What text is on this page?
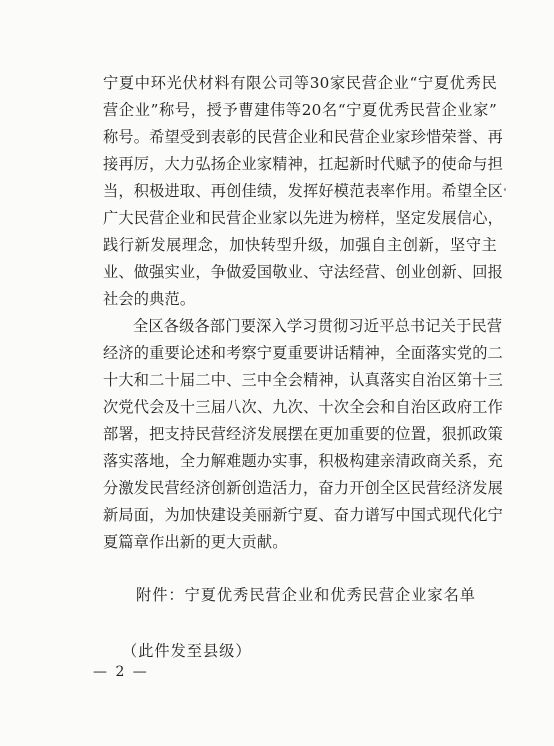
宁夏中环光伏材料有限公司等30家民营企业“宁夏优秀民
营企业”称号，授予曹建伟等20名“宁夏优秀民营企业家”
称号。希望受到表彰的民营企业和民营企业家珍惜荣誉、再
接再厉，大力弘扬企业家精神，扛起新时代赋予的使命与担
当，积极进取、再创佳绩，发挥好模范表率作用。希望全区
广大民营企业和民营企业家以先进为榜样，坚定发展信心，
践行新发展理念，加快转型升级，加强自主创新，坚守主
业、做强实业，争做爱国敬业、守法经营、创业创新、回报
社会的典范。
全区各级各部门要深入学习贯彻习近平总书记关于民营
经济的重要论述和考察宁夏重要讲话精神，全面落实党的二
十大和二十届二中、三中全会精神，认真落实自治区第十三
次党代会及十三届八次、九次、十次全会和自治区政府工作
部署，把支持民营经济发展摆在更加重要的位置，狠抓政策
落实落地，全力解难题办实事，积极构建亲清政商关系，充
分激发民营经济创新创造活力，奋力开创全区民营经济发展
新局面，为加快建设美丽新宁夏、奋力谱写中国式现代化宁
夏篇章作出新的更大贡献。
附件：宁夏优秀民营企业和优秀民营企业家名单
（此件发至县级）
— 2 —
